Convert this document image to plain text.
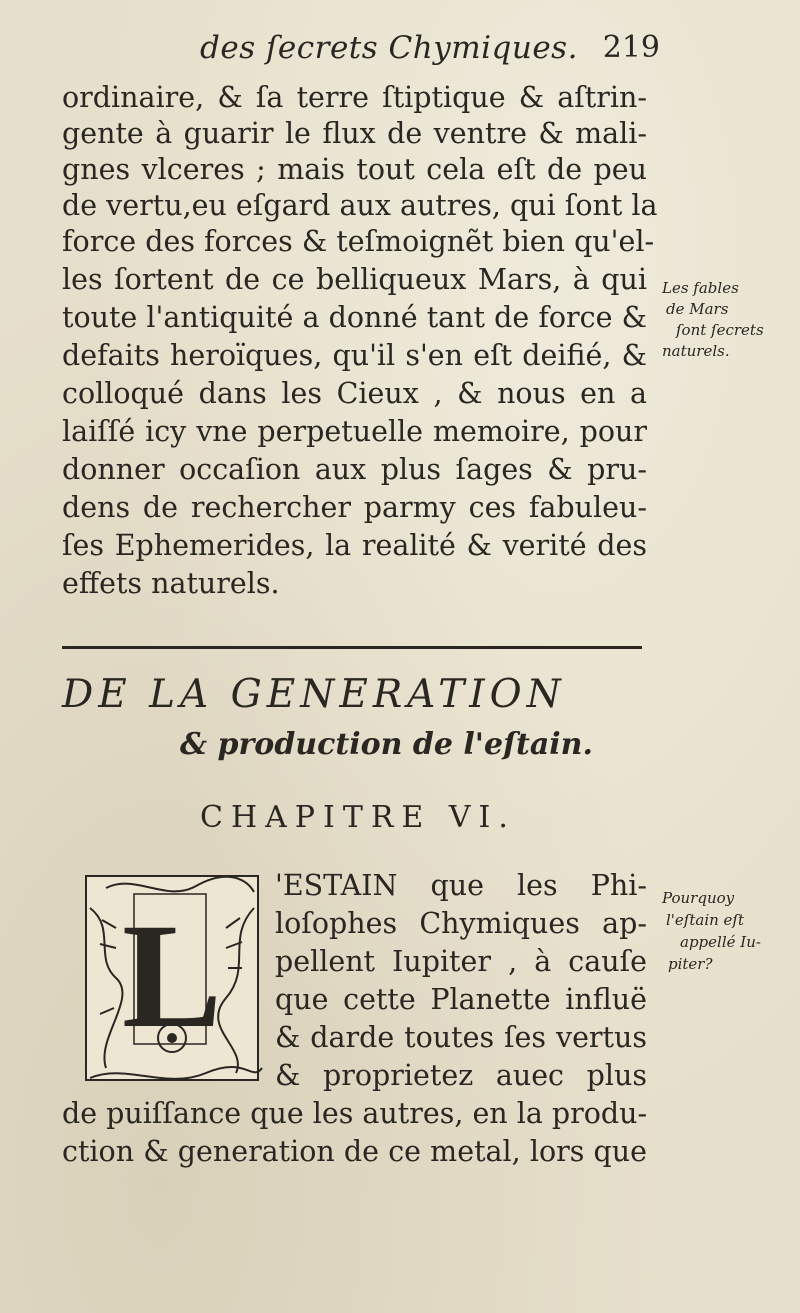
des ſecrets Chymiques. 219
ordinaire, & ſa terre ſtiptique & aſtrin-
gente à guarir le flux de ventre & mali-
gnes vlceres ; mais tout cela eſt de peu
de vertu,eu eſgard aux autres, qui ſont la
force des forces & teſmoignẽt bien qu'el-
les ſortent de ce belliqueux Mars, à qui
toute l'antiquité a donné tant de force &
defaits heroïques, qu'il s'en eſt deifié, &
colloqué dans les Cieux , & nous en a
laiſſé icy vne perpetuelle memoire, pour
donner occaſion aux plus ſages & pru-
dens de rechercher parmy ces fabuleu-
ſes Ephemerides, la realité & verité des
effets naturels.
Les fables
de Mars
ſont ſecrets
naturels.
DE LA GENERATION
& production de l'eſtain.
CHAPITRE VI.
L
'ESTAIN que les Phi-
loſophes Chymiques ap-
pellent Iupiter , à cauſe
que cette Planette influë
& darde toutes ſes vertus
& proprietez auec plus
de puiſſance que les autres, en la produ-
ction & generation de ce metal, lors que
Pourquoy
l'eſtain eſt
appellé Iu-
piter?
